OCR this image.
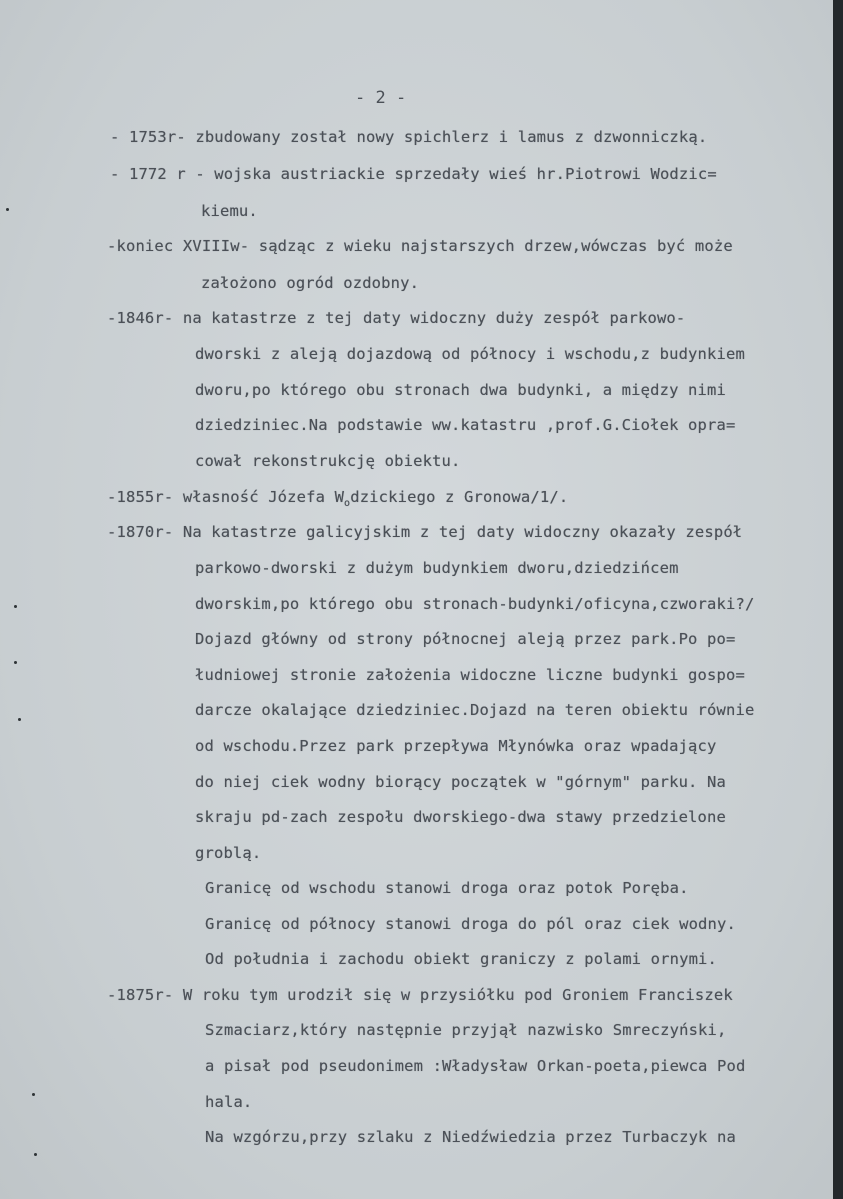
- 2 -
- 1753r- zbudowany został nowy spichlerz i lamus z dzwonniczką.
- 1772 r - wojska austriackie sprzedały wieś hr.Piotrowi Wodzic=
kiemu.
-koniec XVIIIw- sądząc z wieku najstarszych drzew,wówczas być może
założono ogród ozdobny.
-1846r- na katastrze z tej daty widoczny duży zespół parkowo-
dworski z aleją dojazdową od północy i wschodu,z budynkiem
dworu,po którego obu stronach dwa budynki, a między nimi
dziedziniec.Na podstawie ww.katastru ,prof.G.Ciołek opra=
cował rekonstrukcję obiektu.
-1855r- własność Józefa $W_odzickiego$ z Gronowa/1/.
-1870r- Na katastrze galicyjskim z tej daty widoczny okazały zespół
parkowo-dworski z dużym budynkiem dworu,dziedzińcem
dworskim,po którego obu stronach-budynki/oficyna,czworaki?/
Dojazd główny od strony północnej aleją przez park.Po po=
łudniowej stronie założenia widoczne liczne budynki gospo=
darcze okalające dziedziniec.Dojazd na teren obiektu równie
od wschodu.Przez park przepływa Młynówka oraz wpadający
do niej ciek wodny biorący początek w "górnym" parku. Na
skraju pd-zach zespołu dworskiego-dwa stawy przedzielone
groblą.
Granicę od wschodu stanowi droga oraz potok Poręba.
Granicę od północy stanowi droga do pól oraz ciek wodny.
Od południa i zachodu obiekt graniczy z polami ornymi.
-1875r- W roku tym urodził się w przysiółku pod Groniem Franciszek
Szmaciarz,który następnie przyjął nazwisko Smreczyński,
a pisał pod pseudonimem :Władysław Orkan-poeta,piewca Pod
hala.
Na wzgórzu,przy szlaku z Niedźwiedzia przez Turbaczyk na
